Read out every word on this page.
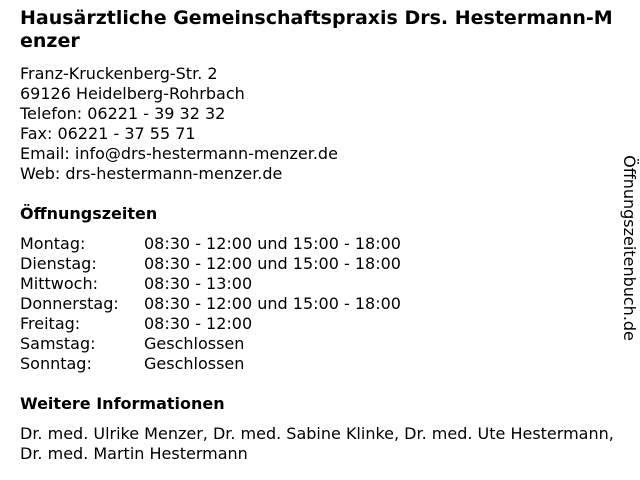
Hausärztliche Gemeinschaftspraxis Drs. Hestermann-Menzer
Franz-Kruckenberg-Str. 2
69126 Heidelberg-Rohrbach
Telefon: 06221 - 39 32 32
Fax: 06221 - 37 55 71
Email: info@drs-hestermann-menzer.de
Web: drs-hestermann-menzer.de
Öffnungszeiten
Montag:	08:30 - 12:00 und 15:00 - 18:00
Dienstag:	08:30 - 12:00 und 15:00 - 18:00
Mittwoch:	08:30 - 13:00
Donnerstag:	08:30 - 12:00 und 15:00 - 18:00
Freitag:	08:30 - 12:00
Samstag:	Geschlossen
Sonntag:	Geschlossen
Weitere Informationen
Dr. med. Ulrike Menzer, Dr. med. Sabine Klinke, Dr. med. Ute Hestermann, Dr. med. Martin Hestermann
Öffnungszeitenbuch.de
